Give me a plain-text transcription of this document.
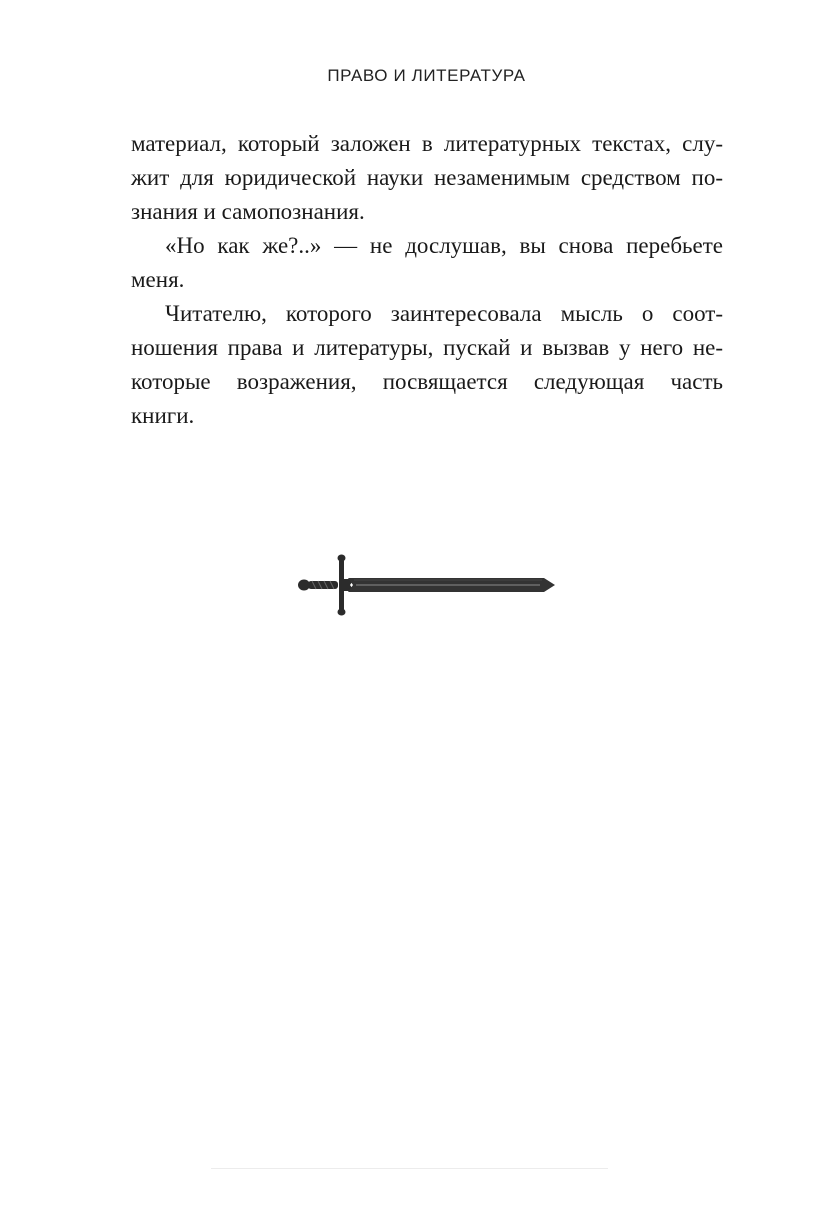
ПРАВО И ЛИТЕРАТУРА
материал, который заложен в литературных текстах, слу-
жит для юридической науки незаменимым средством по-
знания и самопознания.
«Но как же?..» — не дослушав, вы снова перебьете
меня.
Читателю, которого заинтересовала мысль о соот-
ношения права и литературы, пускай и вызвав у него не-
которые возражения, посвящается следующая часть
книги.
